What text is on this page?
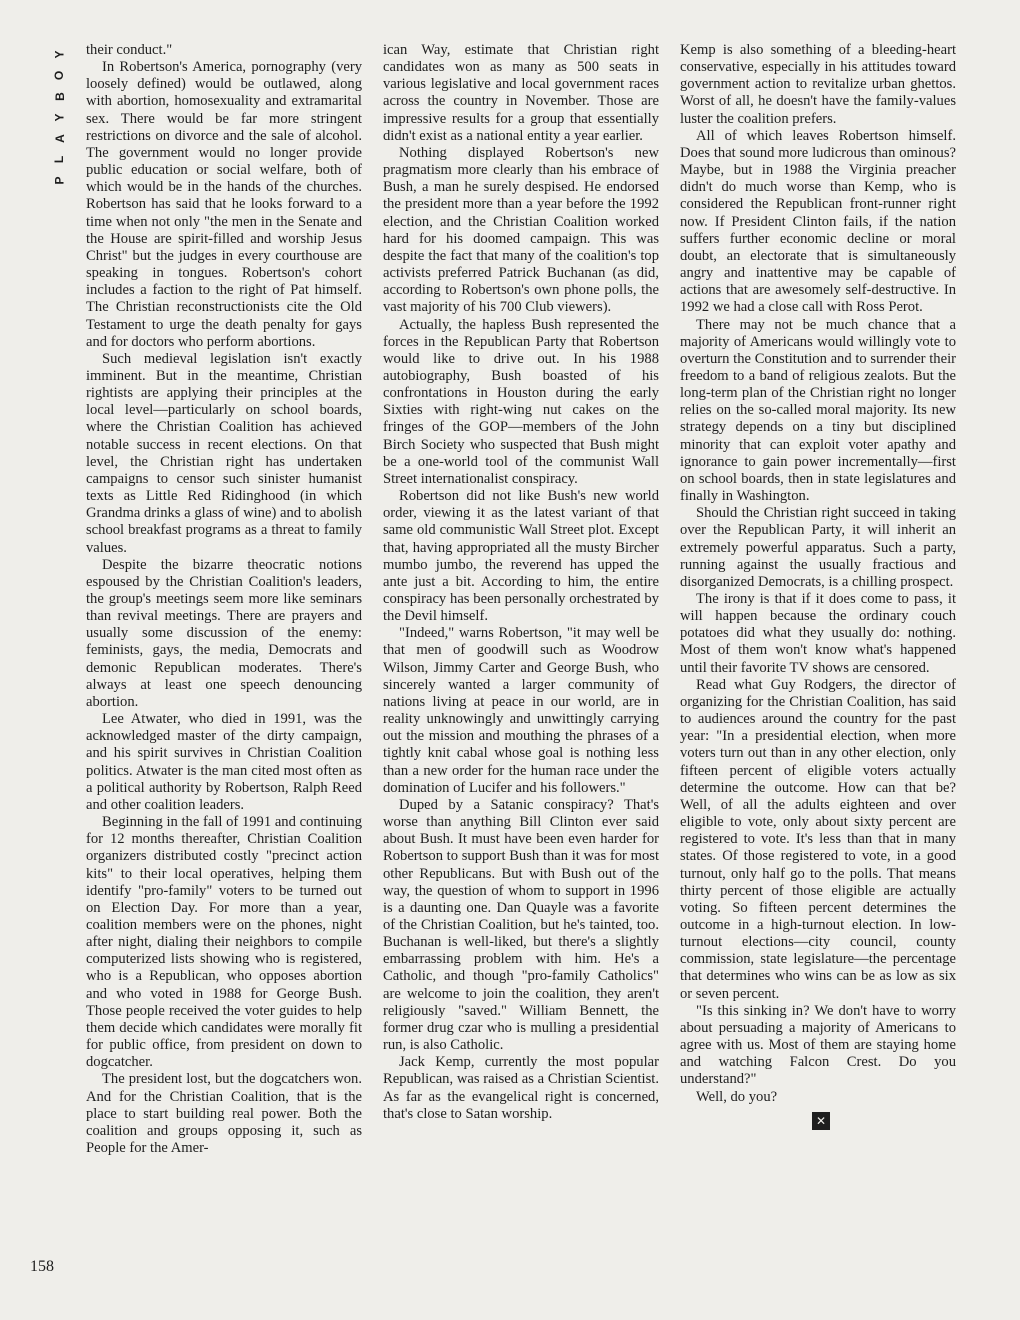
Y
O
B
Y
A
L
P
158

their conduct."

In Robertson's America, pornography (very loosely defined) would be outlawed, along with abortion, homosexuality and extramarital sex. There would be far more stringent restrictions on divorce and the sale of alcohol. The government would no longer provide public education or social welfare, both of which would be in the hands of the churches. Robertson has said that he looks forward to a time when not only "the men in the Senate and the House are spirit-filled and worship Jesus Christ" but the judges in every courthouse are speaking in tongues. Robertson's cohort includes a faction to the right of Pat himself. The Christian reconstructionists cite the Old Testament to urge the death penalty for gays and for doctors who perform abortions.

Such medieval legislation isn't exactly imminent. But in the meantime, Christian rightists are applying their principles at the local level—particularly on school boards, where the Christian Coalition has achieved notable success in recent elections. On that level, the Christian right has undertaken campaigns to censor such sinister humanist texts as Little Red Ridinghood (in which Grandma drinks a glass of wine) and to abolish school breakfast programs as a threat to family values.

Despite the bizarre theocratic notions espoused by the Christian Coalition's leaders, the group's meetings seem more like seminars than revival meetings. There are prayers and usually some discussion of the enemy: feminists, gays, the media, Democrats and demonic Republican moderates. There's always at least one speech denouncing abortion.

Lee Atwater, who died in 1991, was the acknowledged master of the dirty campaign, and his spirit survives in Christian Coalition politics. Atwater is the man cited most often as a political authority by Robertson, Ralph Reed and other coalition leaders.

Beginning in the fall of 1991 and continuing for 12 months thereafter, Christian Coalition organizers distributed costly "precinct action kits" to their local operatives, helping them identify "pro-family" voters to be turned out on Election Day. For more than a year, coalition members were on the phones, night after night, dialing their neighbors to compile computerized lists showing who is registered, who is a Republican, who opposes abortion and who voted in 1988 for George Bush. Those people received the voter guides to help them decide which candidates were morally fit for public office, from president on down to dogcatcher.

The president lost, but the dogcatchers won. And for the Christian Coalition, that is the place to start building real power. Both the coalition and groups opposing it, such as People for the Amer-

ican Way, estimate that Christian right candidates won as many as 500 seats in various legislative and local government races across the country in November. Those are impressive results for a group that essentially didn't exist as a national entity a year earlier.

Nothing displayed Robertson's new pragmatism more clearly than his embrace of Bush, a man he surely despised. He endorsed the president more than a year before the 1992 election, and the Christian Coalition worked hard for his doomed campaign. This was despite the fact that many of the coalition's top activists preferred Patrick Buchanan (as did, according to Robertson's own phone polls, the vast majority of his 700 Club viewers).

Actually, the hapless Bush represented the forces in the Republican Party that Robertson would like to drive out. In his 1988 autobiography, Bush boasted of his confrontations in Houston during the early Sixties with right-wing nut cakes on the fringes of the GOP—members of the John Birch Society who suspected that Bush might be a one-world tool of the communist Wall Street internationalist conspiracy.

Robertson did not like Bush's new world order, viewing it as the latest variant of that same old communistic Wall Street plot. Except that, having appropriated all the musty Bircher mumbo jumbo, the reverend has upped the ante just a bit. According to him, the entire conspiracy has been personally orchestrated by the Devil himself.

"Indeed," warns Robertson, "it may well be that men of goodwill such as Woodrow Wilson, Jimmy Carter and George Bush, who sincerely wanted a larger community of nations living at peace in our world, are in reality unknowingly and unwittingly carrying out the mission and mouthing the phrases of a tightly knit cabal whose goal is nothing less than a new order for the human race under the domination of Lucifer and his followers."

Duped by a Satanic conspiracy? That's worse than anything Bill Clinton ever said about Bush. It must have been even harder for Robertson to support Bush than it was for most other Republicans. But with Bush out of the way, the question of whom to support in 1996 is a daunting one. Dan Quayle was a favorite of the Christian Coalition, but he's tainted, too. Buchanan is well-liked, but there's a slightly embarrassing problem with him. He's a Catholic, and though "pro-family Catholics" are welcome to join the coalition, they aren't religiously "saved." William Bennett, the former drug czar who is mulling a presidential run, is also Catholic.

Jack Kemp, currently the most popular Republican, was raised as a Christian Scientist. As far as the evangelical right is concerned, that's close to Satan worship.

Kemp is also something of a bleeding-heart conservative, especially in his attitudes toward government action to revitalize urban ghettos. Worst of all, he doesn't have the family-values luster the coalition prefers.

All of which leaves Robertson himself. Does that sound more ludicrous than ominous? Maybe, but in 1988 the Virginia preacher didn't do much worse than Kemp, who is considered the Republican front-runner right now. If President Clinton fails, if the nation suffers further economic decline or moral doubt, an electorate that is simultaneously angry and inattentive may be capable of actions that are awesomely self-destructive. In 1992 we had a close call with Ross Perot.

There may not be much chance that a majority of Americans would willingly vote to overturn the Constitution and to surrender their freedom to a band of religious zealots. But the long-term plan of the Christian right no longer relies on the so-called moral majority. Its new strategy depends on a tiny but disciplined minority that can exploit voter apathy and ignorance to gain power incrementally—first on school boards, then in state legislatures and finally in Washington.

Should the Christian right succeed in taking over the Republican Party, it will inherit an extremely powerful apparatus. Such a party, running against the usually fractious and disorganized Democrats, is a chilling prospect.

The irony is that if it does come to pass, it will happen because the ordinary couch potatoes did what they usually do: nothing. Most of them won't know what's happened until their favorite TV shows are censored.

Read what Guy Rodgers, the director of organizing for the Christian Coalition, has said to audiences around the country for the past year: "In a presidential election, when more voters turn out than in any other election, only fifteen percent of eligible voters actually determine the outcome. How can that be? Well, of all the adults eighteen and over eligible to vote, only about sixty percent are registered to vote. It's less than that in many states. Of those registered to vote, in a good turnout, only half go to the polls. That means thirty percent of those eligible are actually voting. So fifteen percent determines the outcome in a high-turnout election. In low-turnout elections—city council, county commission, state legislature—the percentage that determines who wins can be as low as six or seven percent.

"Is this sinking in? We don't have to worry about persuading a majority of Americans to agree with us. Most of them are staying home and watching Falcon Crest. Do you understand?"

Well, do you?

✕
